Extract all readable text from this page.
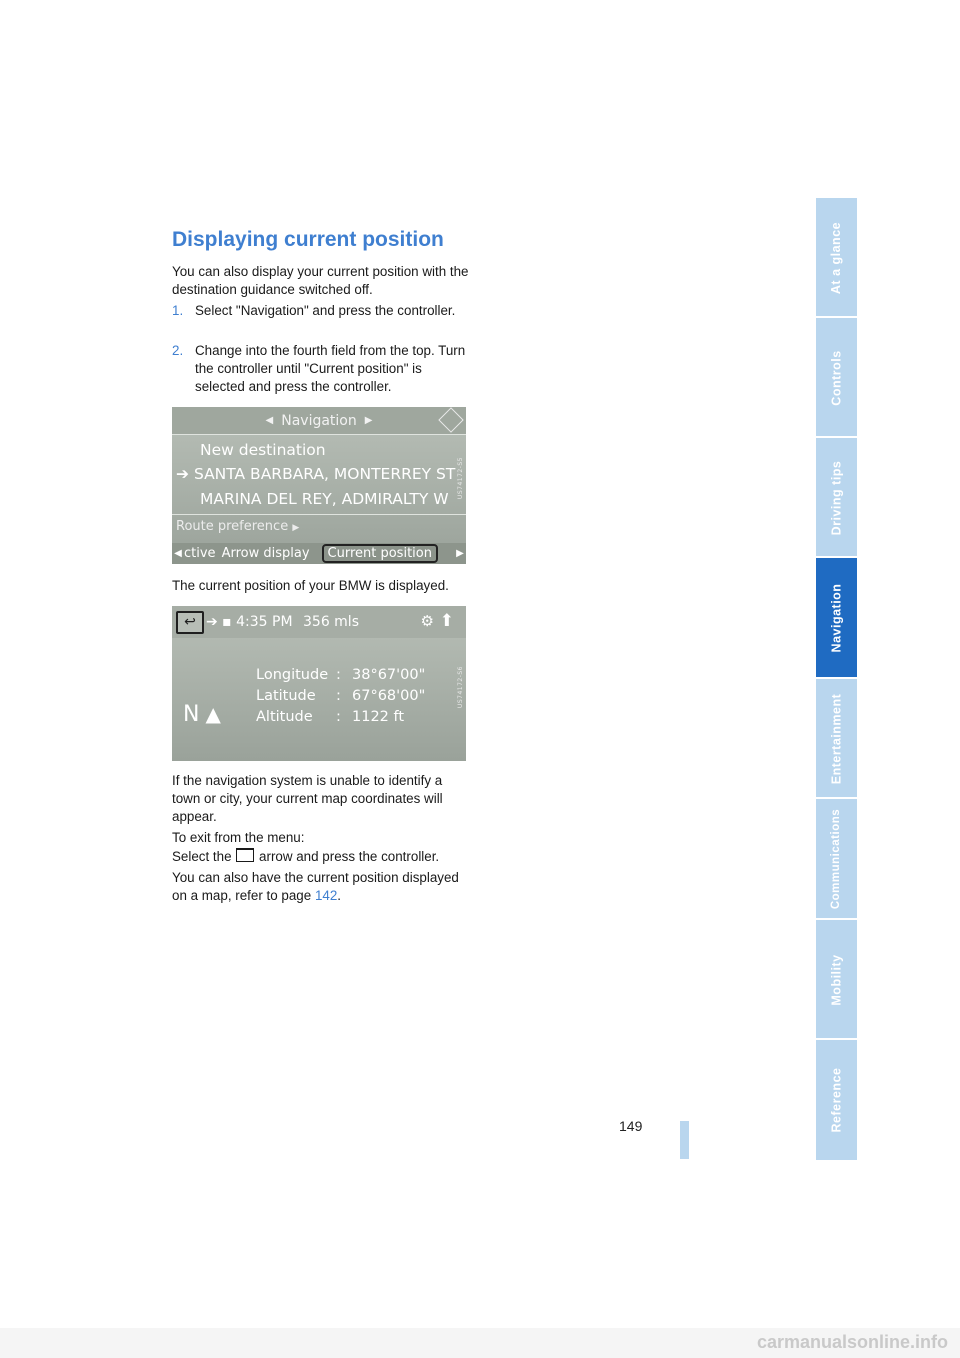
Displaying current position

You can also display your current position with the destination guidance switched off.

1. Select "Navigation" and press the controller.
2. Change into the fourth field from the top. Turn the controller until "Current position" is selected and press the controller.
◀ Navigation ▶
New destination
➔ SANTA BARBARA, MONTERREY ST
MARINA DEL REY, ADMIRALTY W
Route preference ▶
◀ ctive Arrow display	Current position	▶
US74172-S5

The current position of your BMW is displayed.

↩ ➔ ▪ 4:35 PM 356 mls	⚙ ⬆
N ▲
Longitude : 38°67'00"
Latitude : 67°68'00"
Altitude : 1122 ft
US74172-S6

If the navigation system is unable to identify a town or city, your current map coordinates will appear.

To exit from the menu:

Select the arrow and press the controller.

You can also have the current position displayed on a map, refer to page 142.

At a glance
Controls
Driving tips
Navigation
Entertainment
Communications
Mobility
Reference
149
carmanualsonline.info
